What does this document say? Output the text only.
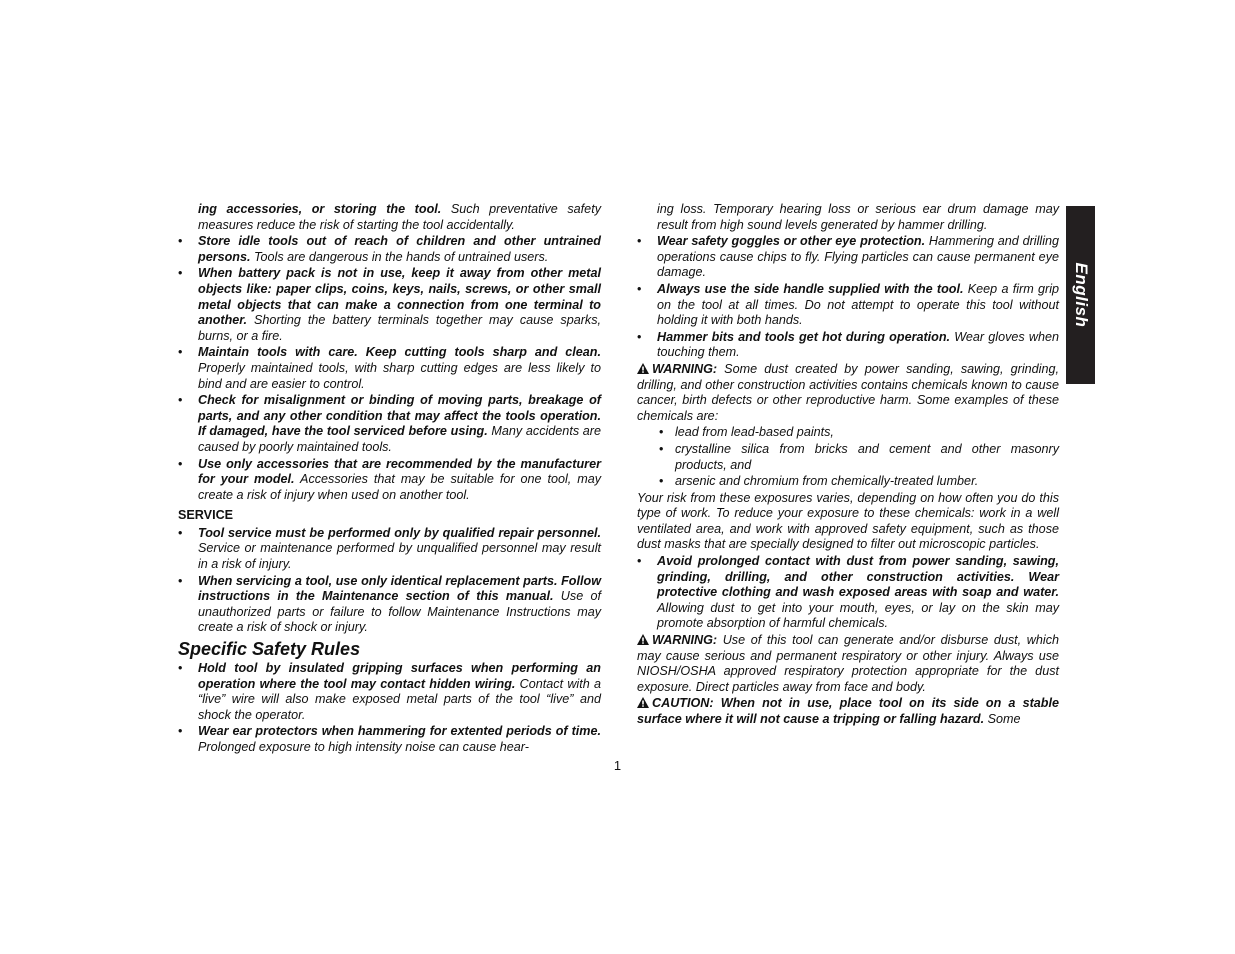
ing accessories, or storing the tool. Such preventative safety measures reduce the risk of starting the tool accidentally.

• Store idle tools out of reach of children and other untrained persons. Tools are dangerous in the hands of untrained users.

• When battery pack is not in use, keep it away from other metal objects like: paper clips, coins, keys, nails, screws, or other small metal objects that can make a connection from one terminal to another. Shorting the battery terminals together may cause sparks, burns, or a fire.

• Maintain tools with care. Keep cutting tools sharp and clean. Properly maintained tools, with sharp cutting edges are less likely to bind and are easier to control.

• Check for misalignment or binding of moving parts, breakage of parts, and any other condition that may affect the tools operation. If damaged, have the tool serviced before using. Many accidents are caused by poorly maintained tools.

• Use only accessories that are recommended by the manufacturer for your model. Accessories that may be suitable for one tool, may create a risk of injury when used on another tool.

SERVICE

• Tool service must be performed only by qualified repair personnel. Service or maintenance performed by unqualified personnel may result in a risk of injury.

• When servicing a tool, use only identical replacement parts. Follow instructions in the Maintenance section of this manual. Use of unauthorized parts or failure to follow Maintenance Instructions may create a risk of shock or injury.

Specific Safety Rules

• Hold tool by insulated gripping surfaces when performing an operation where the tool may contact hidden wiring. Contact with a “live” wire will also make exposed metal parts of the tool “live” and shock the operator.

• Wear ear protectors when hammering for extented periods of time. Prolonged exposure to high intensity noise can cause hear-

ing loss. Temporary hearing loss or serious ear drum damage may result from high sound levels generated by hammer drilling.

• Wear safety goggles or other eye protection. Hammering and drilling operations cause chips to fly. Flying particles can cause permanent eye damage.

• Always use the side handle supplied with the tool. Keep a firm grip on the tool at all times. Do not attempt to operate this tool without holding it with both hands.

• Hammer bits and tools get hot during operation. Wear gloves when touching them.

WARNING: Some dust created by power sanding, sawing, grinding, drilling, and other construction activities contains chemicals known to cause cancer, birth defects or other reproductive harm. Some examples of these chemicals are:

• lead from lead-based paints,

• crystalline silica from bricks and cement and other masonry products, and

• arsenic and chromium from chemically-treated lumber.

Your risk from these exposures varies, depending on how often you do this type of work. To reduce your exposure to these chemicals: work in a well ventilated area, and work with approved safety equipment, such as those dust masks that are specially designed to filter out microscopic particles.

• Avoid prolonged contact with dust from power sanding, sawing, grinding, drilling, and other construction activities. Wear protective clothing and wash exposed areas with soap and water. Allowing dust to get into your mouth, eyes, or lay on the skin may promote absorption of harmful chemicals.

WARNING: Use of this tool can generate and/or disburse dust, which may cause serious and permanent respiratory or other injury. Always use NIOSH/OSHA approved respiratory protection appropriate for the dust exposure. Direct particles away from face and body.

CAUTION: When not in use, place tool on its side on a stable surface where it will not cause a tripping or falling hazard. Some

English
1
